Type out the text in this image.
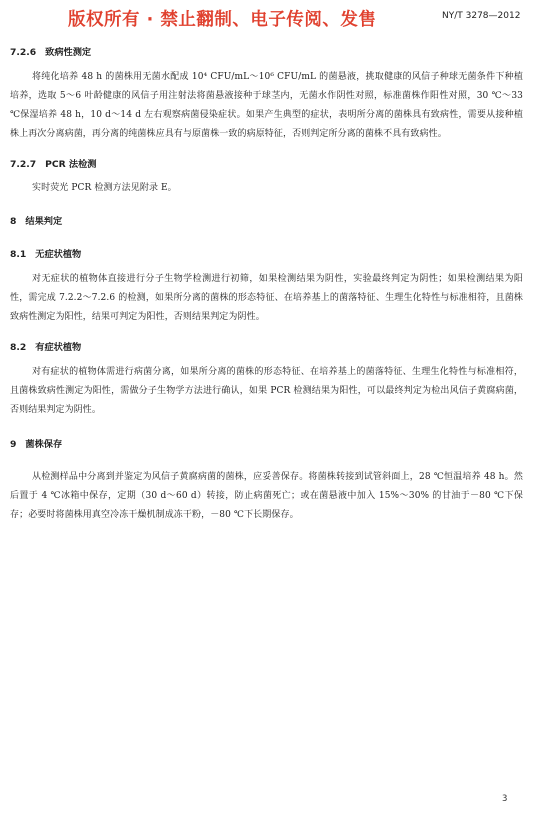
版权所有 · 禁止翻制、电子传阅、发售	NY/T 3278—2012

7.2.6 致病性测定

将纯化培养 48 h 的菌株用无菌水配成 10⁴ CFU/mL～10⁶ CFU/mL 的菌悬液，挑取健康的风信子种球无菌条件下种植培养，选取 5～6 叶龄健康的风信子用注射法将菌悬液接种于球茎内，无菌水作阴性对照，标准菌株作阳性对照，30 ℃～33 ℃保湿培养 48 h，10 d～14 d 左右观察病菌侵染症状。如果产生典型的症状，表明所分离的菌株具有致病性，需要从接种植株上再次分离病菌，再分离的纯菌株应具有与原菌株一致的病原特征，否则判定所分离的菌株不具有致病性。

7.2.7 PCR 法检测

实时荧光 PCR 检测方法见附录 E。

8 结果判定

8.1 无症状植物

对无症状的植物体直接进行分子生物学检测进行初筛，如果检测结果为阴性，实验最终判定为阴性；如果检测结果为阳性，需完成 7.2.2～7.2.6 的检测，如果所分离的菌株的形态特征、在培养基上的菌落特征、生理生化特性与标准相符，且菌株致病性测定为阳性，结果可判定为阳性，否则结果判定为阴性。

8.2 有症状植物

对有症状的植物体需进行病菌分离，如果所分离的菌株的形态特征、在培养基上的菌落特征、生理生化特性与标准相符，且菌株致病性测定为阳性，需做分子生物学方法进行确认，如果 PCR 检测结果为阳性，可以最终判定为检出风信子黄腐病菌，否则结果判定为阴性。

9 菌株保存

从检测样品中分离到并鉴定为风信子黄腐病菌的菌株，应妥善保存。将菌株转接到试管斜面上，28 ℃恒温培养 48 h。然后置于 4 ℃冰箱中保存，定期（30 d～60 d）转接，防止病菌死亡；或在菌悬液中加入 15%～30% 的甘油于－80 ℃下保存；必要时将菌株用真空冷冻干燥机制成冻干粉，－80 ℃下长期保存。

3
